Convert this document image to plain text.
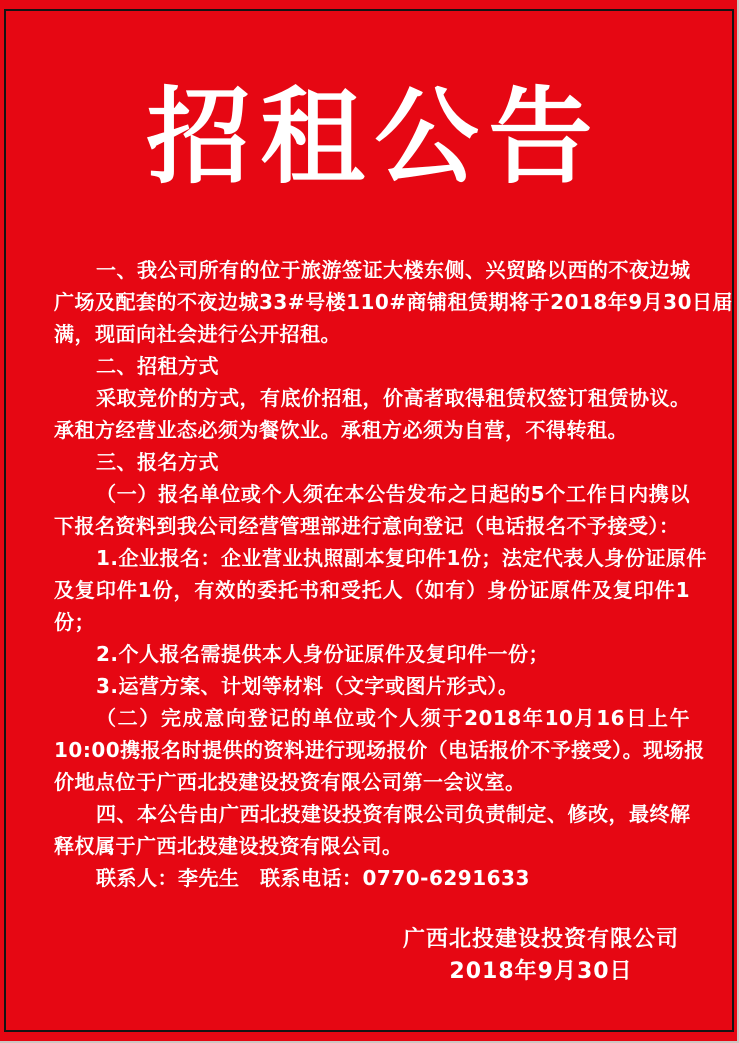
招租公告
一、我公司所有的位于旅游签证大楼东侧、兴贸路以西的不夜边城
广场及配套的不夜边城33#号楼110#商铺租赁期将于2018年9月30日届
满，现面向社会进行公开招租。
二、招租方式
采取竞价的方式，有底价招租，价高者取得租赁权签订租赁协议。
承租方经营业态必须为餐饮业。承租方必须为自营，不得转租。
三、报名方式
（一）报名单位或个人须在本公告发布之日起的5个工作日内携以
下报名资料到我公司经营管理部进行意向登记（电话报名不予接受）：
1.企业报名：企业营业执照副本复印件1份；法定代表人身份证原件
及复印件1份，有效的委托书和受托人（如有）身份证原件及复印件1
份；
2.个人报名需提供本人身份证原件及复印件一份；
3.运营方案、计划等材料（文字或图片形式）。
（二）完成意向登记的单位或个人须于2018年10月16日上午
10:00携报名时提供的资料进行现场报价（电话报价不予接受）。现场报
价地点位于广西北投建设投资有限公司第一会议室。
四、本公告由广西北投建设投资有限公司负责制定、修改，最终解
释权属于广西北投建设投资有限公司。
联系人：李先生　联系电话：0770-6291633
广西北投建设投资有限公司
2018年9月30日
